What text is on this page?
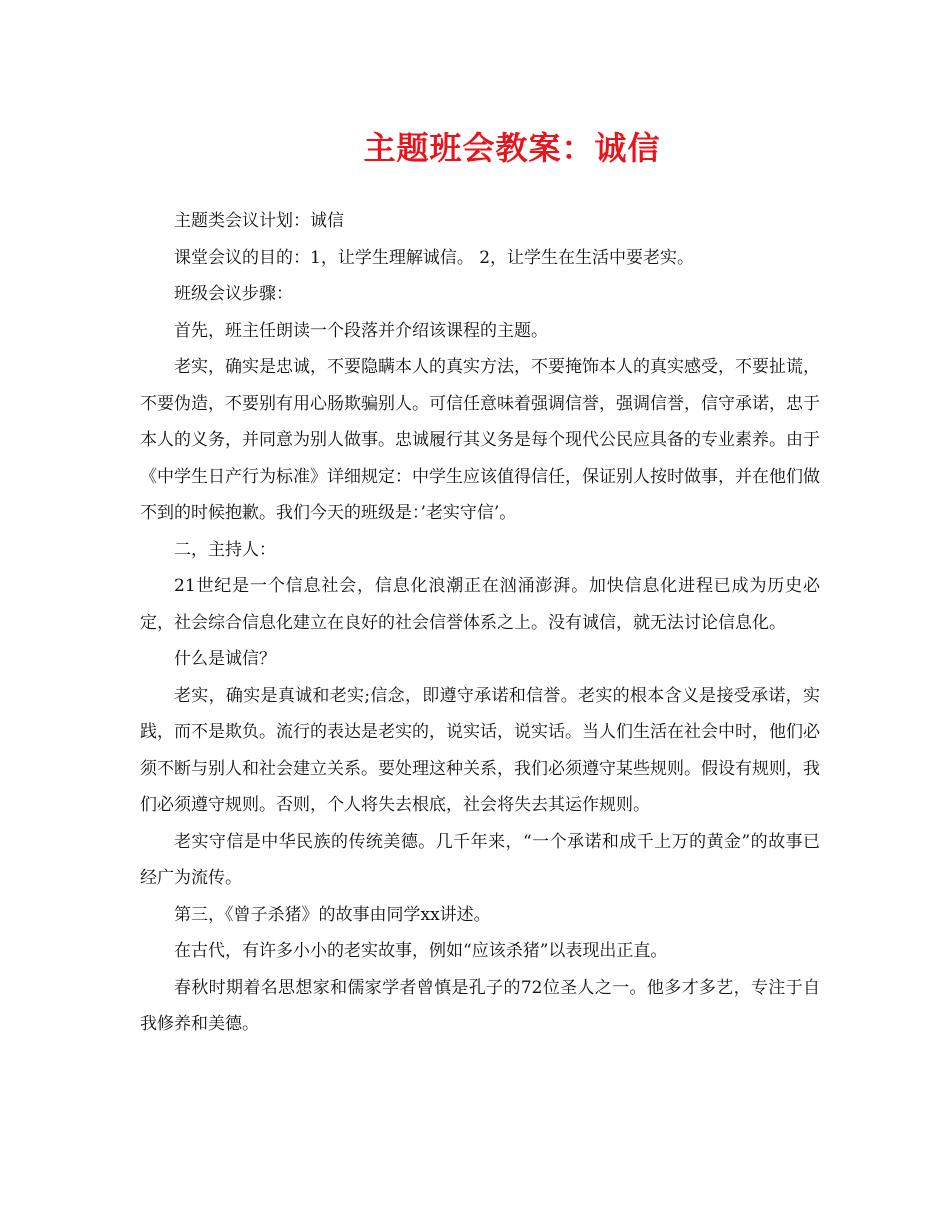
主题班会教案：诚信

主题类会议计划：诚信

课堂会议的目的：1，让学生理解诚信。 2，让学生在生活中要老实。

班级会议步骤：

首先，班主任朗读一个段落并介绍该课程的主题。

老实，确实是忠诚，不要隐瞒本人的真实方法，不要掩饰本人的真实感受，不要扯谎，不要伪造，不要别有用心肠欺骗别人。可信任意味着强调信誉，强调信誉，信守承诺，忠于本人的义务，并同意为别人做事。忠诚履行其义务是每个现代公民应具备的专业素养。由于《中学生日产行为标准》详细规定：中学生应该值得信任，保证别人按时做事，并在他们做不到的时候抱歉。我们今天的班级是：’老实守信’。

二，主持人：

21世纪是一个信息社会，信息化浪潮正在汹涌澎湃。加快信息化进程已成为历史必定，社会综合信息化建立在良好的社会信誉体系之上。没有诚信，就无法讨论信息化。

什么是诚信？

老实，确实是真诚和老实;信念，即遵守承诺和信誉。老实的根本含义是接受承诺，实践，而不是欺负。流行的表达是老实的，说实话，说实话。当人们生活在社会中时，他们必须不断与别人和社会建立关系。要处理这种关系，我们必须遵守某些规则。假设有规则，我们必须遵守规则。否则，个人将失去根底，社会将失去其运作规则。

老实守信是中华民族的传统美德。几千年来，“一个承诺和成千上万的黄金”的故事已经广为流传。

第三，《曾子杀猪》的故事由同学xx讲述。

在古代，有许多小小的老实故事，例如“应该杀猪”以表现出正直。

春秋时期着名思想家和儒家学者曾慎是孔子的72位圣人之一。他多才多艺，专注于自我修养和美德。
